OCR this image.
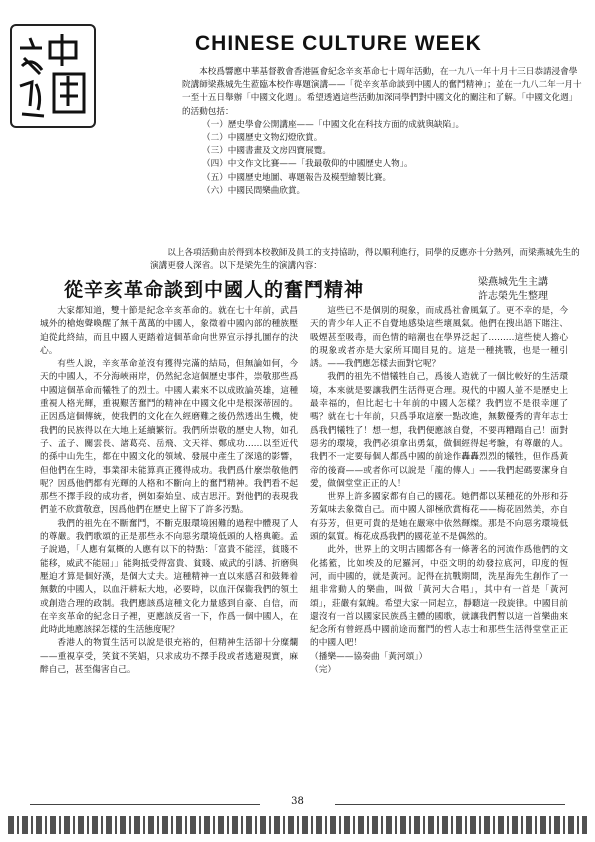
CHINESE CULTURE WEEK

本校爲響應中華基督教會香港區會紀念辛亥革命七十周年活動，在一九八一年十月十三日恭請浸會學院講師梁燕城先生蒞臨本校作專題演講——「從辛亥革命談到中國人的奮鬥精神」；並在一九八二年一月十一至十五日舉辦「中國文化週」。希望透過這些活動加深同學們對中國文化的關注和了解。「中國文化週」的活動包括：

（一）歷史學會公開講座——「中國文化在科技方面的成就與缺陷」。
（二）中國歷史文物幻燈欣賞。
（三）中國書畫及文房四寶展覽。
（四）中文作文比賽——「我最敬仰的中國歷史人物」。
（五）中國歷史地圖、專題報告及模型繪製比賽。
（六）中國民間樂曲欣賞。

以上各項活動由於得到本校教師及員工的支持協助，得以順利進行，同學的反應亦十分熱列，而梁燕城先生的演講更發人深省。以下是梁先生的演講內容：

從辛亥革命談到中國人的奮鬥精神	梁燕城先生主講
許志榮先生整理

大家都知道，雙十節是紀念辛亥革命的。就在七十年前，武昌城外的槍炮聲喚醒了無千萬萬的中國人，象徵着中國內部的種族壓迫從此終結，而且中國人更踏着這個革命向世界宣示掙扎圖存的決心。

有些人說，辛亥革命並沒有獲得完滿的結局，但無論如何，今天的中國人，不分海峽兩岸，仍然紀念這個歷史事件，崇敬那些爲中國這個革命而犧牲了的烈士。中國人素來不以成敗論英雄，這種重視人格光輝，重視艱苦奮鬥的精神在中國文化中是根深蒂固的。正因爲這個傳統，使我們的文化在久經磨難之後仍然透出生機，使我們的民族得以在大地上延續繁衍。我們所崇敬的歷史人物，如孔子、孟子、關雲長、諸葛亮、岳飛、文天祥、鄭成功……以至近代的孫中山先生，都在中國文化的領域、發展中產生了深遠的影響，但他們在生時，事業卻未能算真正獲得成功。我們爲什麼崇敬他們呢？因爲他們都有光輝的人格和不斷向上的奮鬥精神。我們看不起那些不擇手段的成功者，例如秦始皇、成吉思汗。對他們的表現我們並不欣賞敬意，因爲他們在歷史上留下了許多汚點。

我們的祖先在不斷奮鬥，不斷克服環境困難的過程中體現了人的尊嚴。我們歌頌的正是那些永不向惡劣環境低頭的人格典範。孟子說過，「人應有氣概的人應有以下的特點：「富貴不能淫，貧賤不能移，威武不能屈」」能夠抵受得富貴、貧賤、威武的引誘、折磨與壓迫才算是個好漢，是個大丈夫。這種精神一直以來感召和鼓舞着無數的中國人，以血汗耕耘大地，必要時，以血汗保衞我們的領土或創造合理的政制。我們應該爲這種文化力量感到自豪、自信，而在辛亥革命的紀念日子裡，更應該反省一下，作爲一個中國人，在此時此地應該採怎樣的生活態度呢？

香港人的物質生活可以說是很充裕的，但精神生活卻十分糜爛——重視享受，笑貧不笑娼，只求成功不擇手段或者逃避現實，麻醉自己，甚至傷害自己。

這些已不是個別的現象，而成爲社會風氣了。更不幸的是，今天的青少年人正不自覺地感染這些壞風氣。他們在搜出語下賭注、吸煙甚至吸毒，而色情的暗潮也在學界泛起了………這些使人擔心的現象或者亦是大家所耳聞目見的。這是一種挑戰，也是一種引誘。——我們應怎樣去面對它呢？

我們的祖先不惜犧牲自己，爲後人造就了一個比較好的生活環境，本來就是要讓我們生活得更合理。現代的中國人並不是歷史上最幸福的，但比起七十年前的中國人怎樣？我們豈不是很幸運了嗎？就在七十年前，只爲爭取這麼一點改進，無數優秀的青年志士爲我們犧牲了！想一想，我們便應該自覺，不要再糟蹋自己！面對惡劣的環境，我們必須拿出勇氣，做個經得起考驗，有尊嚴的人。我們不一定要每個人都爲中國的前途作轟轟烈烈的犧牲，但作爲黃帝的後裔——或者你可以說是「龍的傳人」——我們起碼要潔身自愛，做個堂堂正正的人！

世界上許多國家都有自己的國花。她們都以某種花的外形和芬芳氣味去象徵自己。而中國人卻極欣賞梅花——梅花固然美，亦自有芬芳，但更可貴的是她在嚴寒中依然輝燦。那是不向惡劣環境低頭的氣質。梅花成爲我們的國花並不是偶然的。

此外，世界上的文明古國都各有一條著名的河流作爲他們的文化搖籃，比如埃及的尼羅河，中亞文明的幼發拉底河，印度的恆河，而中國的，就是黃河。記得在抗戰期間，洗星海先生創作了一組非常動人的樂曲，叫做「黃河大合唱」，其中有一首是「黃河頌」，莊嚴有氣魄。希望大家一同起立，靜聽這一段旋律。中國目前還沒有一首以國家民族爲主體的國歌，就讓我們暫以這一首樂曲來紀念所有曾經爲中國前途而奮鬥的哲人志士和那些生活得堂堂正正的中國人吧！

（播樂——協奏曲「黃河頌」）

（完）

38
